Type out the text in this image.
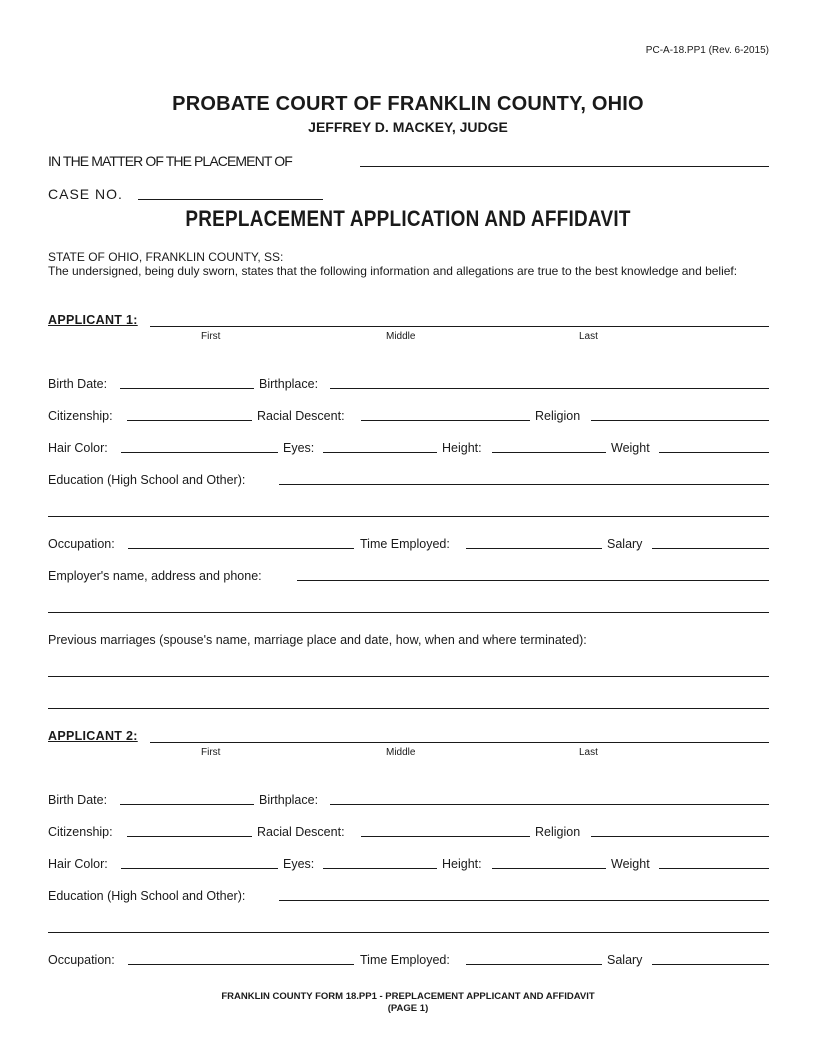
PC-A-18.PP1 (Rev. 6-2015)
PROBATE COURT OF FRANKLIN COUNTY, OHIO
JEFFREY D. MACKEY, JUDGE
IN THE MATTER OF THE PLACEMENT OF
CASE NO.
PREPLACEMENT APPLICATION AND AFFIDAVIT
STATE OF OHIO, FRANKLIN COUNTY, SS:
The undersigned, being duly sworn, states that the following information and allegations are true to the best knowledge and belief:
APPLICANT 1:
First	Middle	Last
Birth Date:	Birthplace:
Citizenship:	Racial Descent:	Religion
Hair Color:	Eyes:	Height:	Weight
Education (High School and Other):
Occupation:	Time Employed:	Salary
Employer's name, address and phone:
Previous marriages (spouse's name, marriage place and date, how, when and where terminated):
APPLICANT 2:
First	Middle	Last
Birth Date:	Birthplace:
Citizenship:	Racial Descent:	Religion
Hair Color:	Eyes:	Height:	Weight
Education (High School and Other):
Occupation:	Time Employed:	Salary
FRANKLIN COUNTY FORM 18.PP1 - PREPLACEMENT APPLICANT AND AFFIDAVIT
(PAGE 1)
